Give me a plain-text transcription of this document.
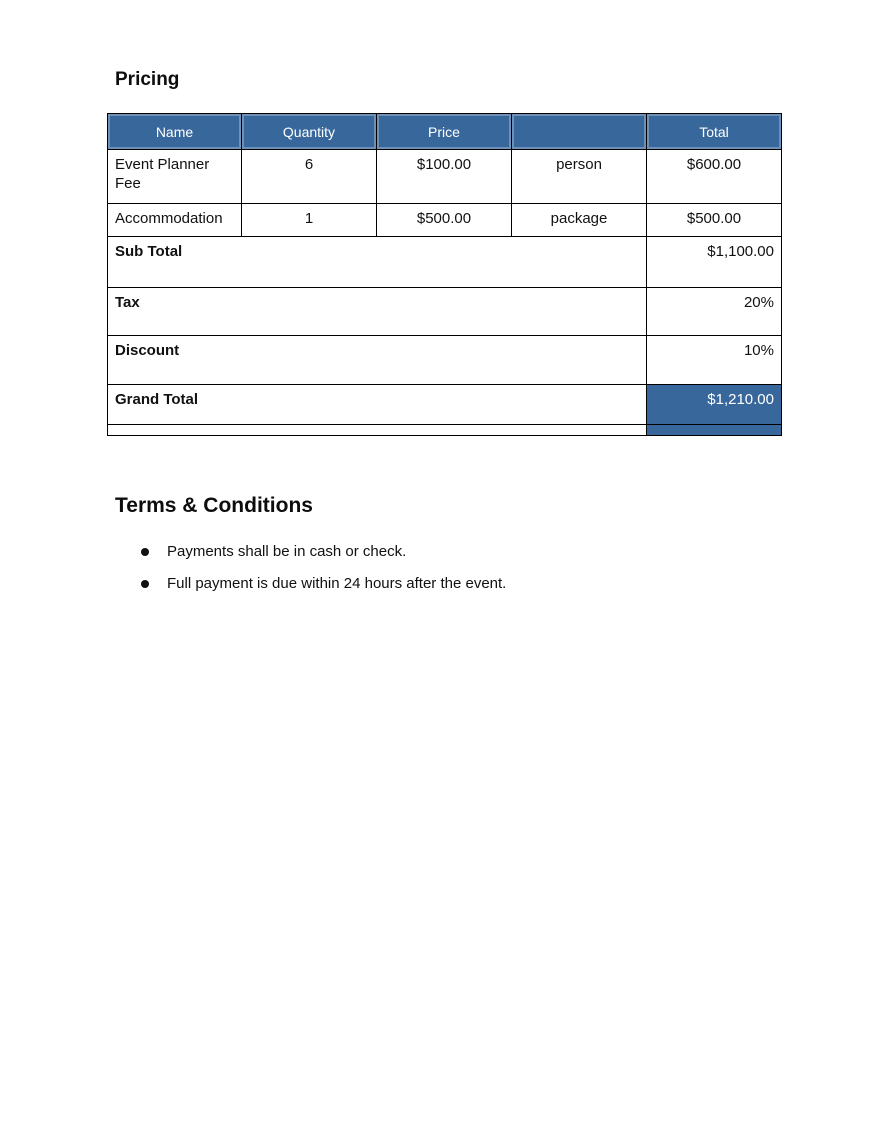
Pricing
Name	Quantity	Price		Total
Event Planner Fee	6	$100.00	person	$600.00
Accommodation	1	$500.00	package	$500.00
Sub Total				$1,100.00
Tax				20%
Discount				10%
Grand Total				$1,210.00

Terms & Conditions
Payments shall be in cash or check.
Full payment is due within 24 hours after the event.
